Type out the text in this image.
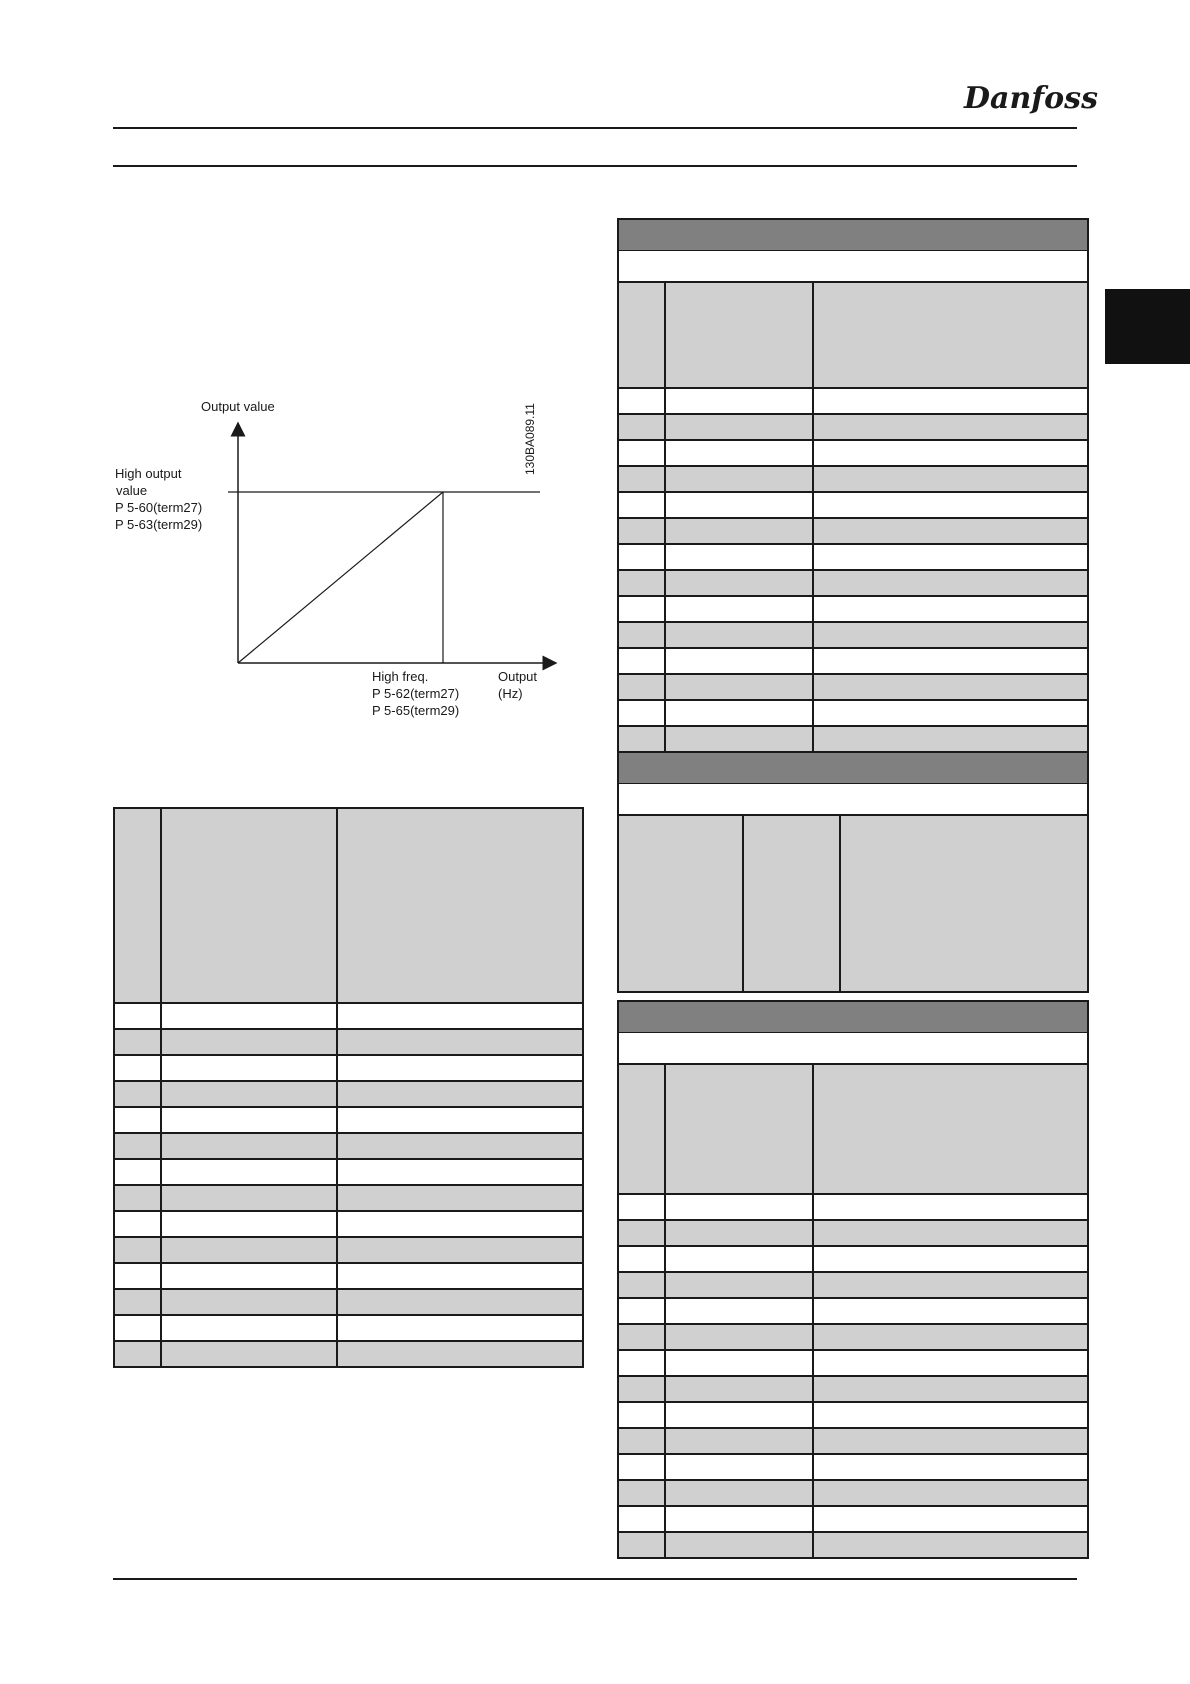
Danfoss
Output value
High output
value
P 5-60(term27)
P 5-63(term29)
High freq.
P 5-62(term27)
P 5-65(term29)
Output
(Hz)
130BA089.11
